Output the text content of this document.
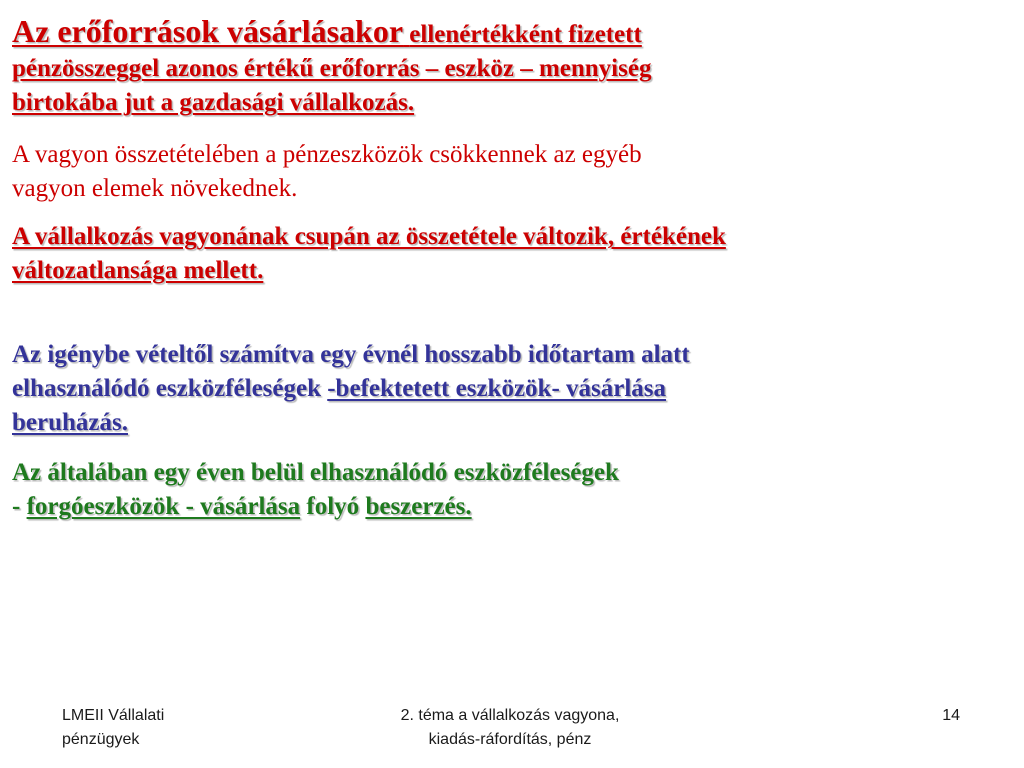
Az erőforrások vásárlásakor ellenértékként fizetett
pénzösszeggel azonos értékű erőforrás – eszköz – mennyiség
birtokába jut a gazdasági vállalkozás.

A vagyon összetételében a pénzeszközök csökkennek az egyéb
vagyon elemek növekednek.

A vállalkozás vagyonának csupán az összetétele változik, értékének
változatlansága mellett.

Az igénybe vételtől számítva egy évnél hosszabb időtartam alatt
elhasználódó eszközféleségek -befektetett eszközök- vásárlása
beruházás.

Az általában egy éven belül elhasználódó eszközféleségek
- forgóeszközök - vásárlása folyó beszerzés.

LMEII Vállalati
pénzügyek
2. téma a vállalkozás vagyona,
kiadás-ráfordítás, pénz
14
